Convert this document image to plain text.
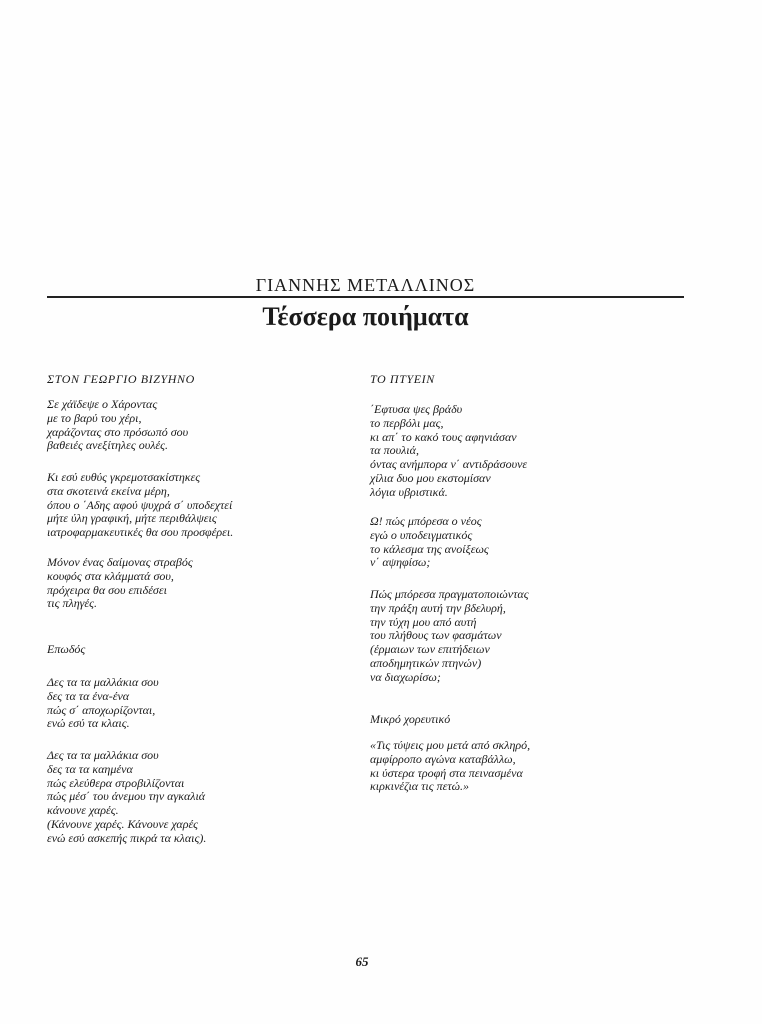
ΓΙΑΝΝΗΣ ΜΕΤΑΛΛΙΝΟΣ
Τέσσερα ποιήματα
ΣΤΟΝ ΓΕΩΡΓΙΟ ΒΙΖΥΗΝΟ
Σε χάϊδεψε ο Χάροντας
με το βαρύ του χέρι,
χαράζοντας στο πρόσωπό σου
βαθειές ανεξίτηλες ουλές.
Κι εσύ ευθύς γκρεμοτσακίστηκες
στα σκοτεινά εκείνα μέρη,
όπου ο ΄Αδης αφού ψυχρά σ΄ υποδεχτεί
μήτε ύλη γραφική, μήτε περιθάλψεις
ιατροφαρμακευτικές θα σου προσφέρει.
Μόνον ένας δαίμονας στραβός
κουφός στα κλάμματά σου,
πρόχειρα θα σου επιδέσει
τις πληγές.
Επωδός
Δες τα τα μαλλάκια σου
δες τα τα ένα-ένα
πώς σ΄ αποχωρίζονται,
ενώ εσύ τα κλαις.
Δες τα τα μαλλάκια σου
δες τα τα καημένα
πώς ελεύθερα στροβιλίζονται
πώς μέσ΄ του άνεμου την αγκαλιά
κάνουνε χαρές.
(Κάνουνε χαρές. Κάνουνε χαρές
ενώ εσύ ασκεπής πικρά τα κλαις).
ΤΟ ΠΤΥΕΙΝ
΄Εφτυσα ψες βράδυ
το περβόλι μας,
κι απ΄ το κακό τους αφηνιάσαν
τα πουλιά,
όντας ανήμπορα ν΄ αντιδράσουνε
χίλια δυο μου εκστομίσαν
λόγια υβριστικά.
Ω! πώς μπόρεσα ο νέος
εγώ ο υποδειγματικός
το κάλεσμα της ανοίξεως
ν΄ αψηφίσω;
Πώς μπόρεσα πραγματοποιώντας
την πράξη αυτή την βδελυρή,
την τύχη μου από αυτή
του πλήθους των φασμάτων
(έρμαιων των επιτήδειων
αποδημητικών πτηνών)
να διαχωρίσω;
Μικρό χορευτικό
«Τις τύψεις μου μετά από σκληρό,
αμφίρροπο αγώνα καταβάλλω,
κι ύστερα τροφή στα πεινασμένα
κιρκινέζια τις πετώ.»
65
